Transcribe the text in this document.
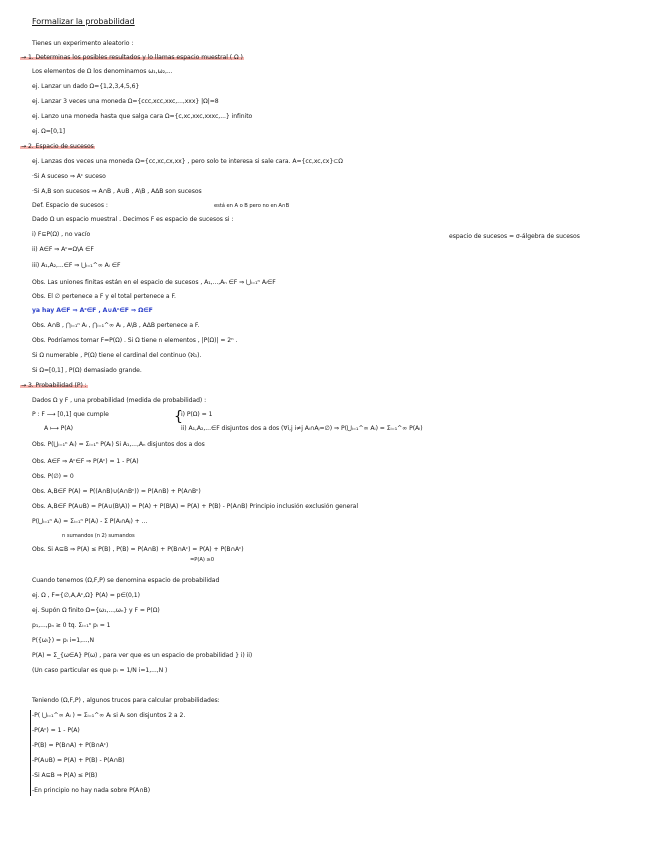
Formalizar la probabilidad
Tienes un experimento aleatorio :
→ 1. Determinas los posibles resultados y lo llamas espacio muestral ( Ω )
Los elementos de Ω los denominamos ω₁,ω₂,...
ej. Lanzar un dado Ω={1,2,3,4,5,6}
ej. Lanzar 3 veces una moneda Ω={ccc,xcc,xxc,...,xxx} |Ω|=8
ej. Lanzo una moneda hasta que salga cara Ω={c,xc,xxc,xxxc,...} infinito
ej. Ω=[0,1]
→ 2. Espacio de sucesos
ej. Lanzas dos veces una moneda Ω={cc,xc,cx,xx} , pero solo te interesa si sale cara. A={cc,xc,cx}⊂Ω
·Si A suceso ⇒ Aᶜ suceso
·Si A,B son sucesos ⇒ A∩B , A∪B , A\B , AΔB son sucesos
Def. Espacio de sucesos :	está en A o B pero no en A∩B
Dado Ω un espacio muestral . Decimos F es espacio de sucesos si :
i) F⊆P(Ω) , no vacío	espacio de sucesos = σ-álgebra de sucesos
ii) A∈F ⇒ Aᶜ=Ω\A ∈F
iii) A₁,A₂,...∈F ⇒ ⋃ᵢ₌₁^∞ Aᵢ ∈F
Obs. Las uniones finitas están en el espacio de sucesos , A₁,...,Aₙ ∈F ⇒ ⋃ᵢ₌₁ⁿ Aᵢ∈F
Obs. El ∅ pertenece a F y el total pertenece a F.
ya hay A∈F ⇒ Aᶜ∈F , A∪Aᶜ∈F ⇒ Ω∈F
Obs. A∩B , ⋂ᵢ₌₁ⁿ Aᵢ , ⋂ᵢ₌₁^∞ Aᵢ , A\B , AΔB pertenece a F.
Obs. Podríamos tomar F=P(Ω) . Si Ω tiene n elementos , |P(Ω)| = 2ⁿ .
Si Ω numerable , P(Ω) tiene el cardinal del continuo (ℵ₁).
Si Ω=[0,1] , P(Ω) demasiado grande.
→ 3. Probabilidad (P) :
Dados Ω y F , una probabilidad (medida de probabilidad) :
P : F ⟶ [0,1] que cumple	{
i) P(Ω) = 1
A ⟼ P(A)	ii) A₁,A₂,...∈F disjuntos dos a dos (∀i,j i≠j Aᵢ∩Aⱼ=∅) ⇒ P(⋃ᵢ₌₁^∞ Aᵢ) = Σᵢ₌₁^∞ P(Aᵢ)
Obs. P(⋃ᵢ₌₁ⁿ Aᵢ) = Σᵢ₌₁ⁿ P(Aᵢ) Si A₁,...,Aₙ disjuntos dos a dos
Obs. A∈F ⇒ Aᶜ∈F ⇒ P(Aᶜ) = 1 - P(A)
Obs. P(∅) = 0
Obs. A,B∈F P(A) = P((A∩B)∪(A∩Bᶜ)) = P(A∩B) + P(A∩Bᶜ)
Obs. A,B∈F P(A∪B) = P(A∪(B\A)) = P(A) + P(B\A) = P(A) + P(B) - P(A∩B) Principio inclusión exclusión general
P(⋃ᵢ₌₁ⁿ Aᵢ) = Σᵢ₌₁ⁿ P(Aᵢ) - Σ P(Aᵢ∩Aⱼ) + ...
n sumandos (n 2) sumandos
Obs. Si A⊆B ⇒ P(A) ≤ P(B) , P(B) = P(A∩B) + P(B∩Aᶜ) = P(A) + P(B∩Aᶜ)
=P(A) ≥0
Cuando tenemos (Ω,F,P) se denomina espacio de probabilidad
ej. Ω , F={∅,A,Aᶜ,Ω} P(A) = p∈(0,1)
ej. Supón Ω finito Ω={ω₁,...,ωₙ} y F = P(Ω)
p₁,...,pₙ ≥ 0 tq. Σᵢ₌₁ⁿ pᵢ = 1
P({ωᵢ}) = pᵢ i=1,...,N
P(A) = Σ_{ω∈A} P(ω) , para ver que es un espacio de probabilidad } i) ii)
(Un caso particular es que pᵢ = 1/N i=1,...,N )
Teniendo (Ω,F,P) , algunos trucos para calcular probabilidades:
-P( ⋃ᵢ₌₁^∞ Aᵢ ) = Σᵢ₌₁^∞ Aᵢ si Aᵢ son disjuntos 2 a 2.
-P(Aᶜ) = 1 - P(A)
-P(B) = P(B∩A) + P(B∩Aᶜ)
-P(A∪B) = P(A) + P(B) - P(A∩B)
-Si A⊆B ⇒ P(A) ≤ P(B)
-En principio no hay nada sobre P(A∩B)
